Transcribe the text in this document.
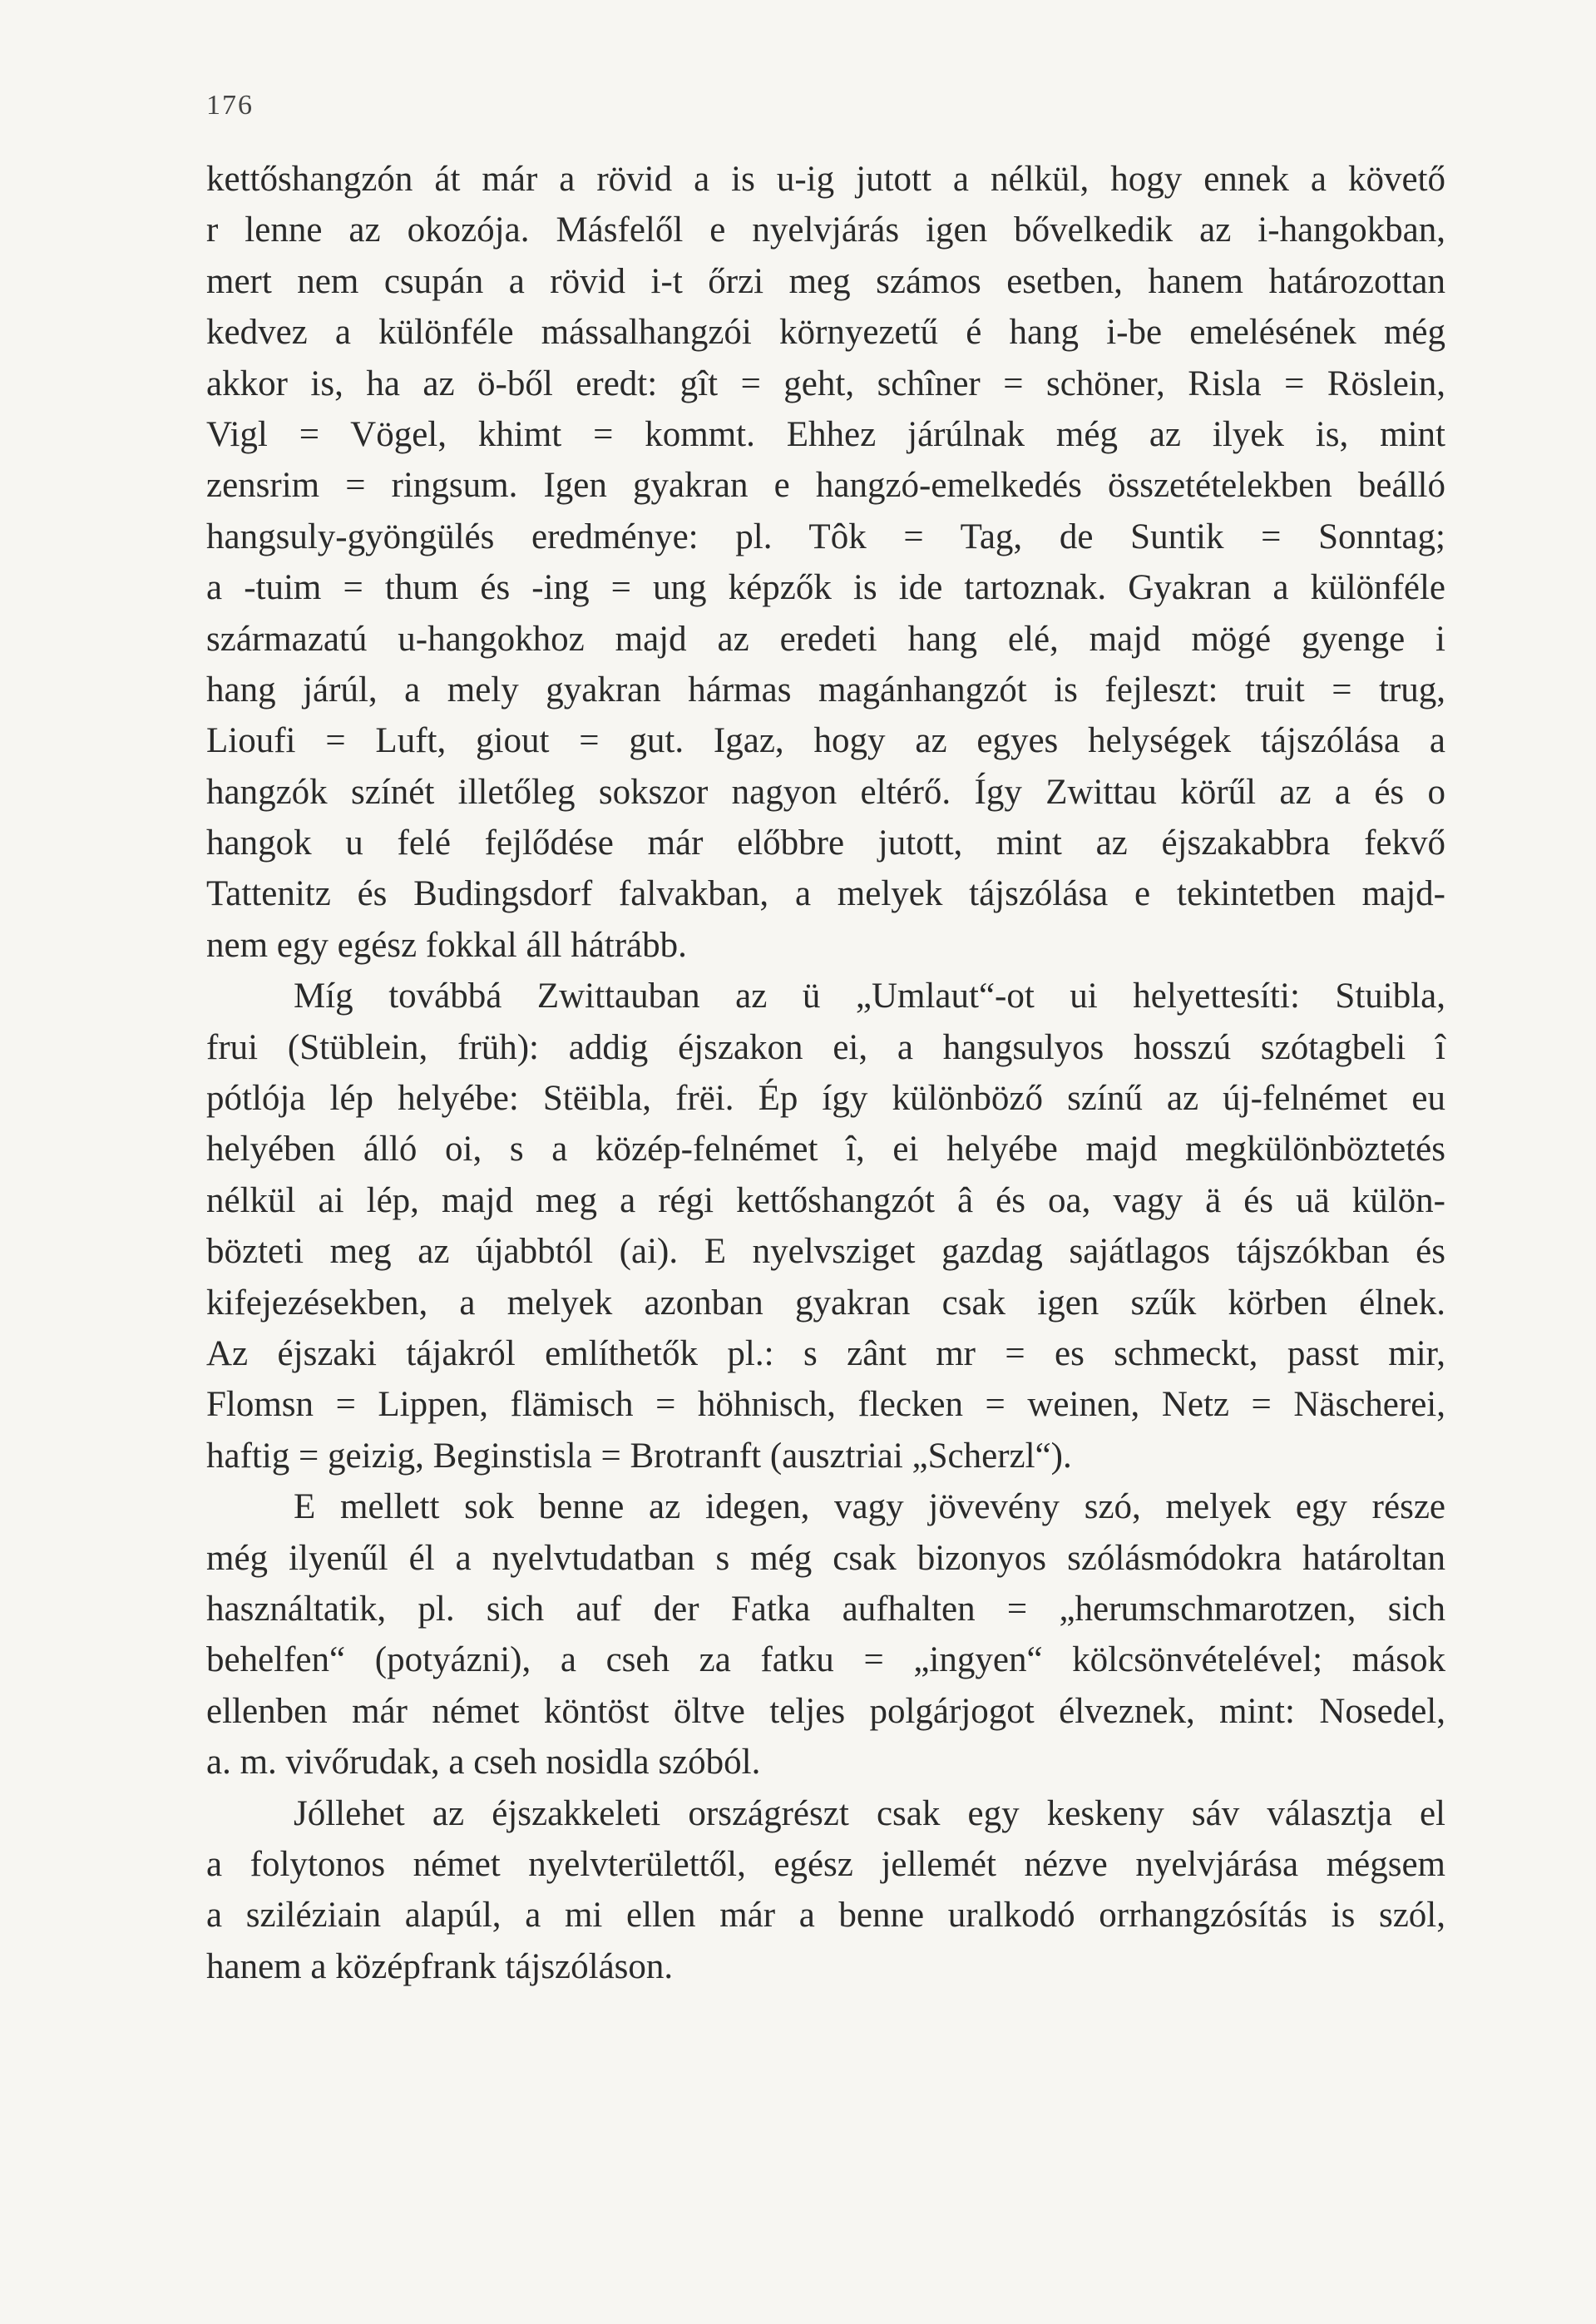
176
kettőshangzón át már a rövid a is u-ig jutott a nélkül, hogy ennek a követő
r lenne az okozója. Másfelől e nyelvjárás igen bővelkedik az i-hangokban,
mert nem csupán a rövid i-t őrzi meg számos esetben, hanem határozottan
kedvez a különféle mássalhangzói környezetű é hang i-be emelésének még
akkor is, ha az ö-ből eredt: gît = geht, schîner = schöner, Risla = Röslein,
Vigl = Vögel, khimt = kommt. Ehhez járúlnak még az ilyek is, mint
zensrim = ringsum. Igen gyakran e hangzó-emelkedés összetételekben beálló
hangsuly-gyöngülés eredménye: pl. Tôk = Tag, de Suntik = Sonntag;
a -tuim = thum és -ing = ung képzők is ide tartoznak. Gyakran a különféle
származatú u-hangokhoz majd az eredeti hang elé, majd mögé gyenge i
hang járúl, a mely gyakran hármas magánhangzót is fejleszt: truit = trug,
Lioufi = Luft, giout = gut. Igaz, hogy az egyes helységek tájszólása a
hangzók színét illetőleg sokszor nagyon eltérő. Így Zwittau körűl az a és o
hangok u felé fejlődése már előbbre jutott, mint az éjszakabbra fekvő
Tattenitz és Budingsdorf falvakban, a melyek tájszólása e tekintetben majd-
nem egy egész fokkal áll hátrább.
Míg továbbá Zwittauban az ü „Umlaut“-ot ui helyettesíti: Stuibla,
frui (Stüblein, früh): addig éjszakon ei, a hangsulyos hosszú szótagbeli î
pótlója lép helyébe: Stëibla, frëi. Ép így különböző színű az új-felnémet eu
helyében álló oi, s a közép-felnémet î, ei helyébe majd megkülönböztetés
nélkül ai lép, majd meg a régi kettőshangzót â és oa, vagy ä és uä külön-
bözteti meg az újabbtól (ai). E nyelvsziget gazdag sajátlagos tájszókban és
kifejezésekben, a melyek azonban gyakran csak igen szűk körben élnek.
Az éjszaki tájakról említhetők pl.: s zânt mr = es schmeckt, passt mir,
Flomsn = Lippen, flämisch = höhnisch, flecken = weinen, Netz = Näscherei,
haftig = geizig, Beginstisla = Brotranft (ausztriai „Scherzl“).
E mellett sok benne az idegen, vagy jövevény szó, melyek egy része
még ilyenűl él a nyelvtudatban s még csak bizonyos szólásmódokra határoltan
használtatik, pl. sich auf der Fatka aufhalten = „herumschmarotzen, sich
behelfen“ (potyázni), a cseh za fatku = „ingyen“ kölcsönvételével; mások
ellenben már német köntöst öltve teljes polgárjogot élveznek, mint: Nosedel,
a. m. vivőrudak, a cseh nosidla szóból.
Jóllehet az éjszakkeleti országrészt csak egy keskeny sáv választja el
a folytonos német nyelvterülettől, egész jellemét nézve nyelvjárása mégsem
a sziléziain alapúl, a mi ellen már a benne uralkodó orrhangzósítás is szól,
hanem a középfrank tájszóláson.
